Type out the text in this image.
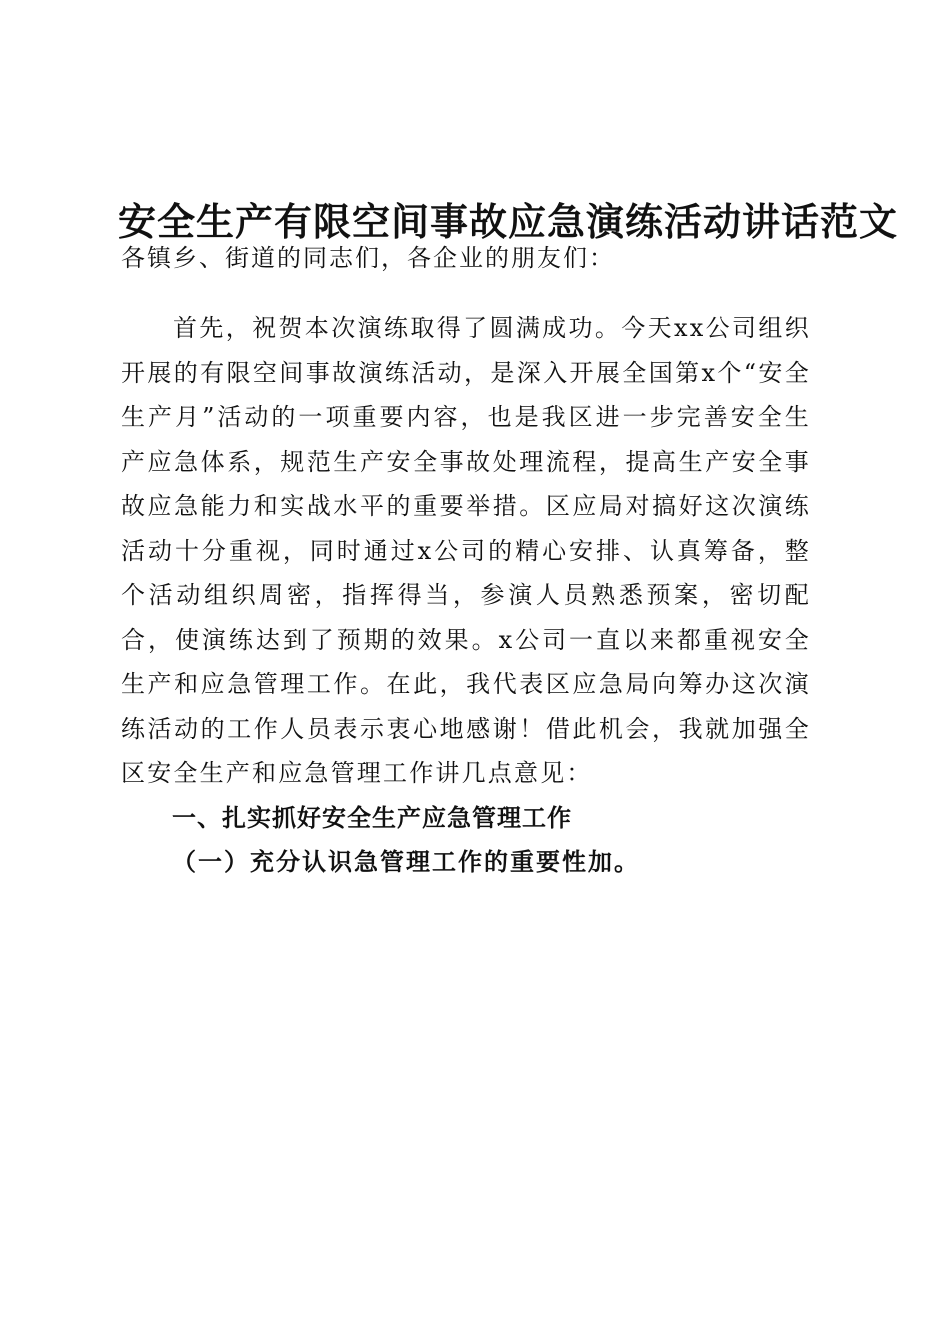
安全生产有限空间事故应急演练活动讲话范文

各镇乡、街道的同志们，各企业的朋友们：

首先，祝贺本次演练取得了圆满成功。今天xx公司组织开展的有限空间事故演练活动，是深入开展全国第x个“安全生产月”活动的一项重要内容，也是我区进一步完善安全生产应急体系，规范生产安全事故处理流程，提高生产安全事故应急能力和实战水平的重要举措。区应局对搞好这次演练活动十分重视，同时通过x公司的精心安排、认真筹备，整个活动组织周密，指挥得当，参演人员熟悉预案，密切配合，使演练达到了预期的效果。x公司一直以来都重视安全生产和应急管理工作。在此，我代表区应急局向筹办这次演练活动的工作人员表示衷心地感谢！借此机会，我就加强全区安全生产和应急管理工作讲几点意见：

一、扎实抓好安全生产应急管理工作

（一）充分认识急管理工作的重要性加。
